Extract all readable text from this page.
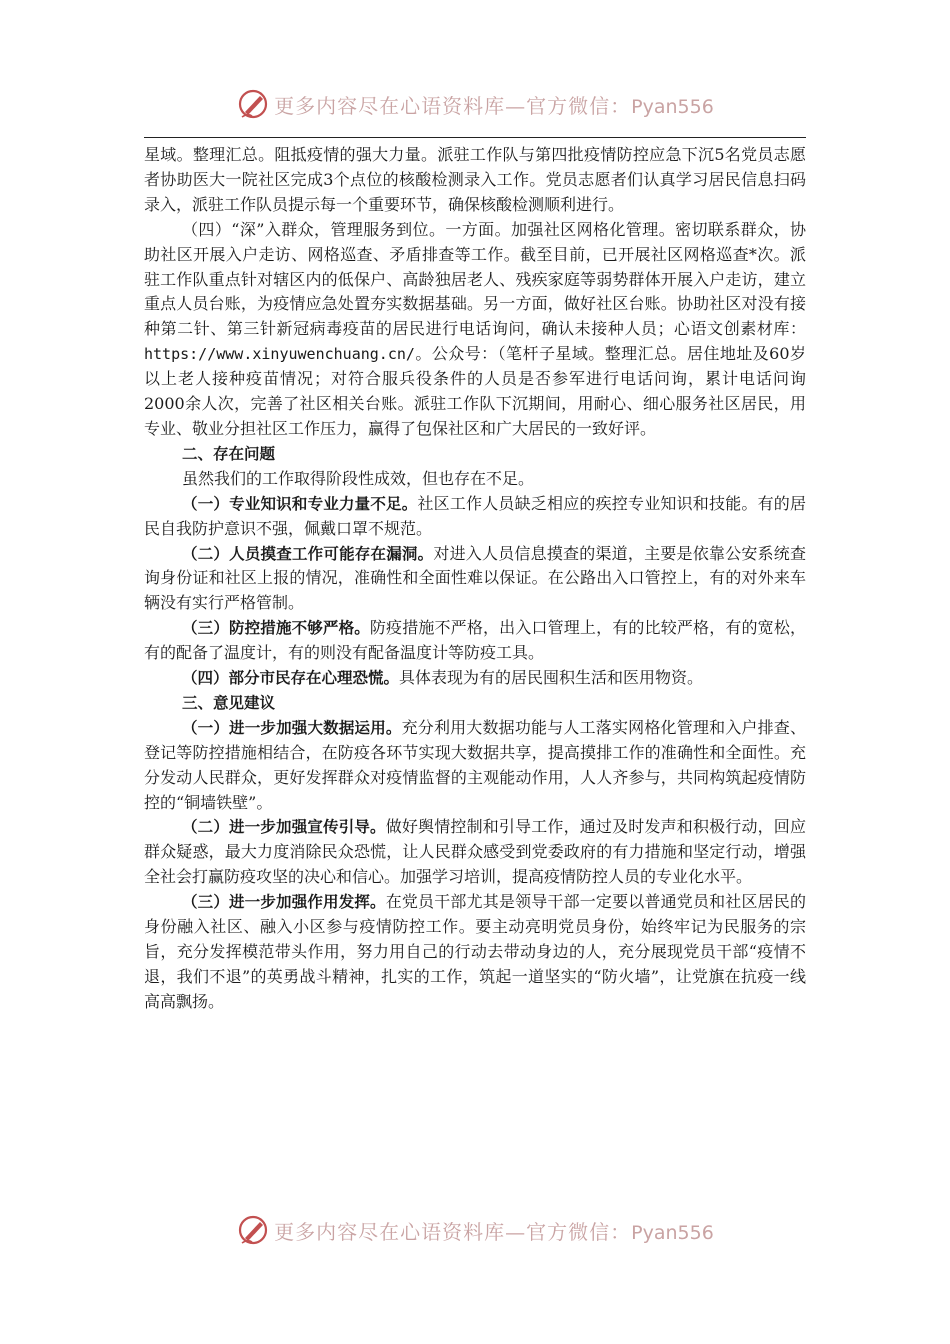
更多内容尽在心语资料库—官方微信：Pyan556

星域。整理汇总。阻抵疫情的强大力量。派驻工作队与第四批疫情防控应急下沉5名党员志愿者协助医大一院社区完成3个点位的核酸检测录入工作。党员志愿者们认真学习居民信息扫码录入，派驻工作队员提示每一个重要环节，确保核酸检测顺利进行。

（四）“深”入群众，管理服务到位。一方面。加强社区网格化管理。密切联系群众，协助社区开展入户走访、网格巡查、矛盾排查等工作。截至目前，已开展社区网格巡查*次。派驻工作队重点针对辖区内的低保户、高龄独居老人、残疾家庭等弱势群体开展入户走访，建立重点人员台账，为疫情应急处置夯实数据基础。另一方面，做好社区台账。协助社区对没有接种第二针、第三针新冠病毒疫苗的居民进行电话询问，确认未接种人员；心语文创素材库：https://www.xinyuwenchuang.cn/。公众号：（笔杆子星域。整理汇总。居住地址及60岁以上老人接种疫苗情况；对符合服兵役条件的人员是否参军进行电话问询，累计电话问询2000余人次，完善了社区相关台账。派驻工作队下沉期间，用耐心、细心服务社区居民，用专业、敬业分担社区工作压力，赢得了包保社区和广大居民的一致好评。

二、存在问题

虽然我们的工作取得阶段性成效，但也存在不足。

（一）专业知识和专业力量不足。社区工作人员缺乏相应的疾控专业知识和技能。有的居民自我防护意识不强，佩戴口罩不规范。

（二）人员摸查工作可能存在漏洞。对进入人员信息摸查的渠道，主要是依靠公安系统查询身份证和社区上报的情况，准确性和全面性难以保证。在公路出入口管控上，有的对外来车辆没有实行严格管制。

（三）防控措施不够严格。防疫措施不严格，出入口管理上，有的比较严格，有的宽松，有的配备了温度计，有的则没有配备温度计等防疫工具。

（四）部分市民存在心理恐慌。具体表现为有的居民囤积生活和医用物资。

三、意见建议

（一）进一步加强大数据运用。充分利用大数据功能与人工落实网格化管理和入户排查、登记等防控措施相结合，在防疫各环节实现大数据共享，提高摸排工作的准确性和全面性。充分发动人民群众，更好发挥群众对疫情监督的主观能动作用，人人齐参与，共同构筑起疫情防控的“铜墙铁壁”。

（二）进一步加强宣传引导。做好舆情控制和引导工作，通过及时发声和积极行动，回应群众疑惑，最大力度消除民众恐慌，让人民群众感受到党委政府的有力措施和坚定行动，增强全社会打赢防疫攻坚的决心和信心。加强学习培训，提高疫情防控人员的专业化水平。

（三）进一步加强作用发挥。在党员干部尤其是领导干部一定要以普通党员和社区居民的身份融入社区、融入小区参与疫情防控工作。要主动亮明党员身份，始终牢记为民服务的宗旨，充分发挥模范带头作用，努力用自己的行动去带动身边的人，充分展现党员干部“疫情不退，我们不退”的英勇战斗精神，扎实的工作，筑起一道坚实的“防火墙”，让党旗在抗疫一线高高飘扬。

更多内容尽在心语资料库—官方微信：Pyan556
